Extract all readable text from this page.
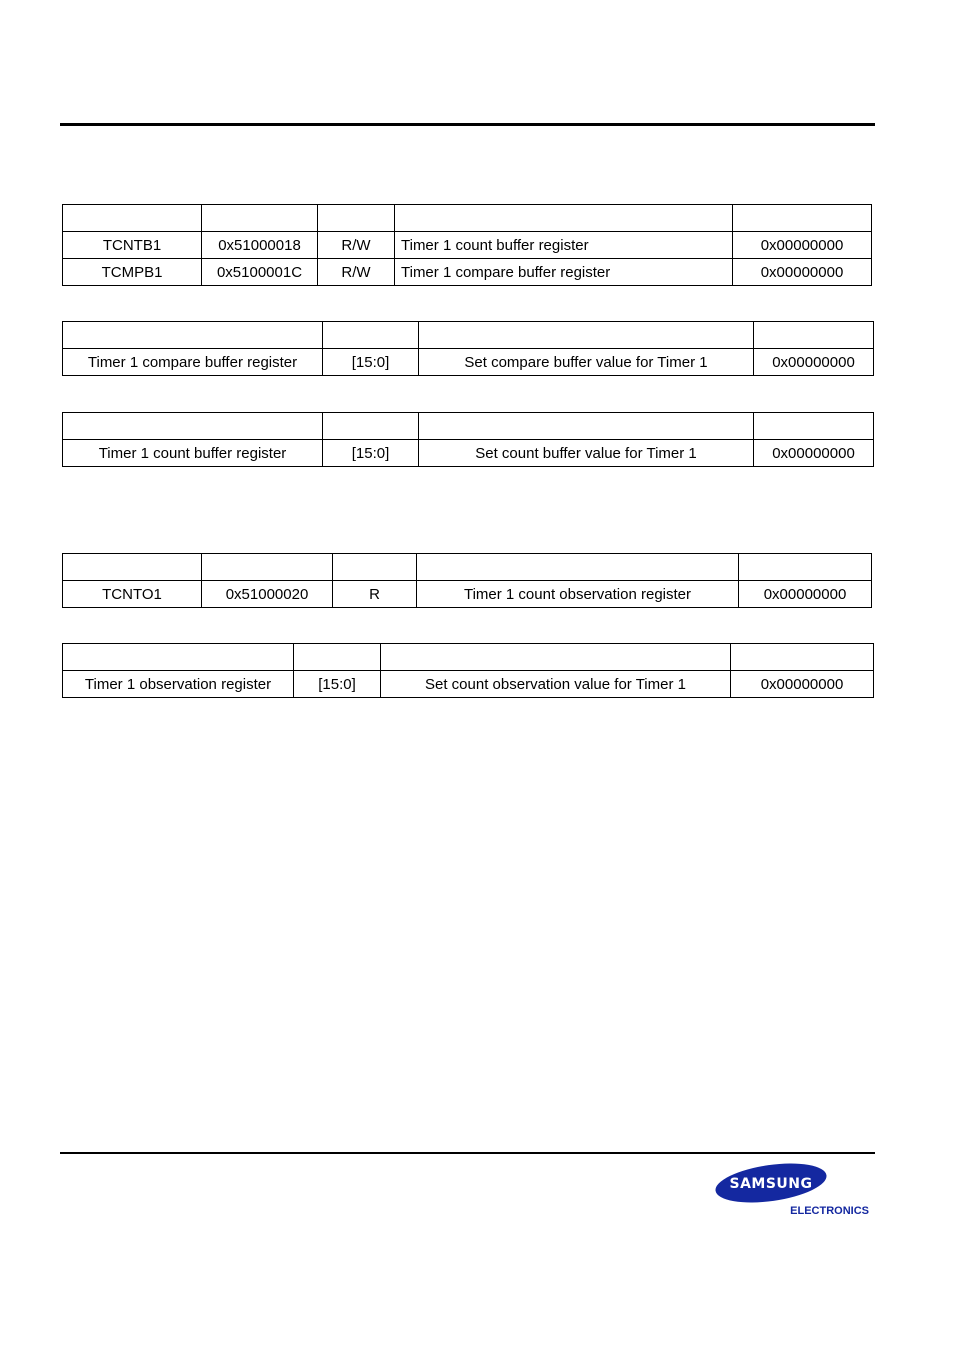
TCNTB1	0x51000018	R/W	Timer 1 count buffer register	0x00000000
TCMPB1	0x5100001C	R/W	Timer 1 compare buffer register	0x00000000

Timer 1 compare buffer register	[15:0]	Set compare buffer value for Timer 1	0x00000000

Timer 1 count buffer register	[15:0]	Set count buffer value for Timer 1	0x00000000

TCNTO1	0x51000020	R	Timer 1 count observation register	0x00000000

Timer 1 observation register	[15:0]	Set count observation value for Timer 1	0x00000000
SAMSUNG
ELECTRONICS
